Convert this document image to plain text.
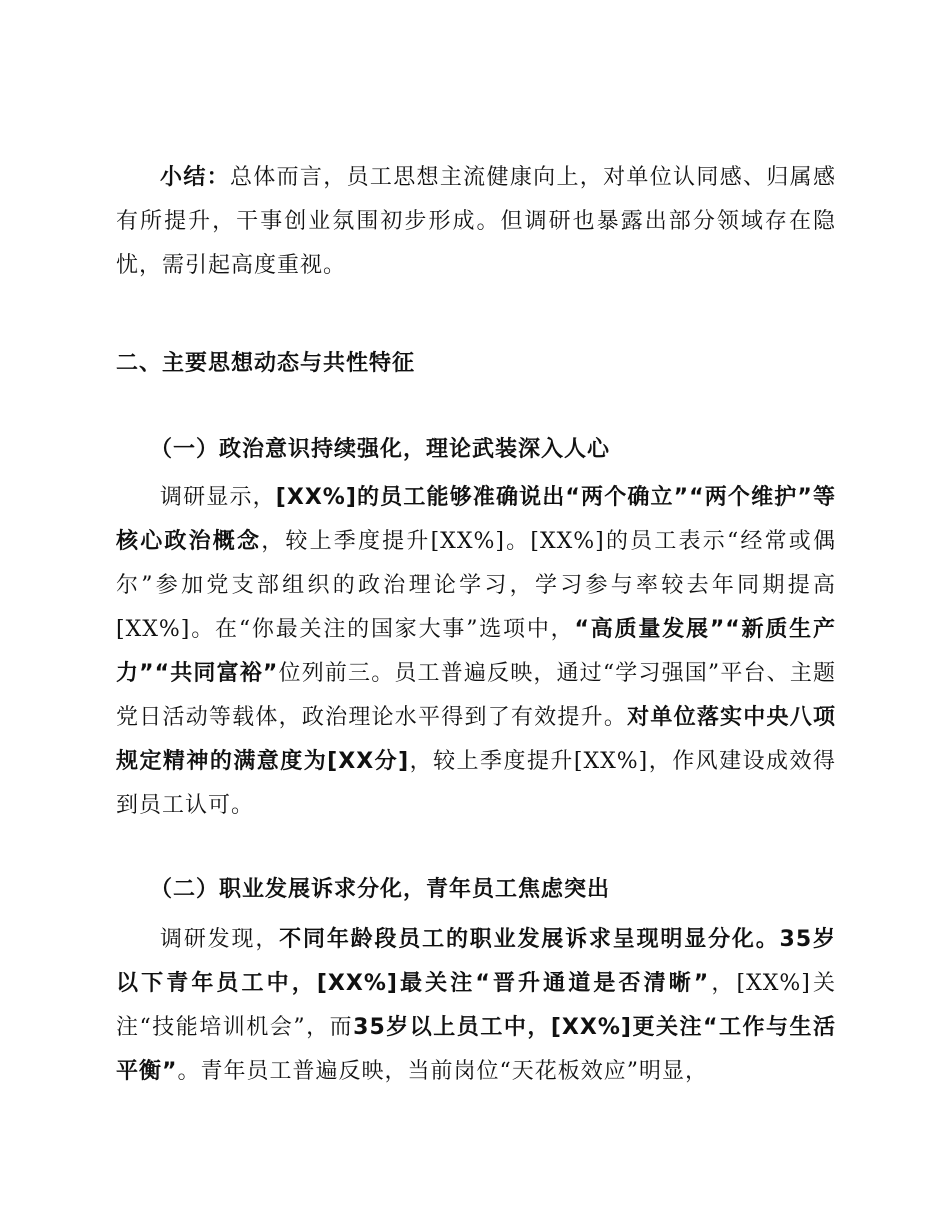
小结：总体而言，员工思想主流健康向上，对单位认同感、归属感有所提升，干事创业氛围初步形成。但调研也暴露出部分领域存在隐忧，需引起高度重视。

二、主要思想动态与共性特征
（一）政治意识持续强化，理论武装深入人心

调研显示，[XX%]的员工能够准确说出“两个确立”“两个维护”等核心政治概念，较上季度提升[XX%]。[XX%]的员工表示“经常或偶尔”参加党支部组织的政治理论学习，学习参与率较去年同期提高[XX%]。在“你最关注的国家大事”选项中，“高质量发展”“新质生产力”“共同富裕”位列前三。员工普遍反映，通过“学习强国”平台、主题党日活动等载体，政治理论水平得到了有效提升。对单位落实中央八项规定精神的满意度为[XX分]，较上季度提升[XX%]，作风建设成效得到员工认可。

（二）职业发展诉求分化，青年员工焦虑突出

调研发现，不同年龄段员工的职业发展诉求呈现明显分化。35岁以下青年员工中，[XX%]最关注“晋升通道是否清晰”，[XX%]关注“技能培训机会”，而35岁以上员工中，[XX%]更关注“工作与生活平衡”。青年员工普遍反映，当前岗位“天花板效应”明显，
